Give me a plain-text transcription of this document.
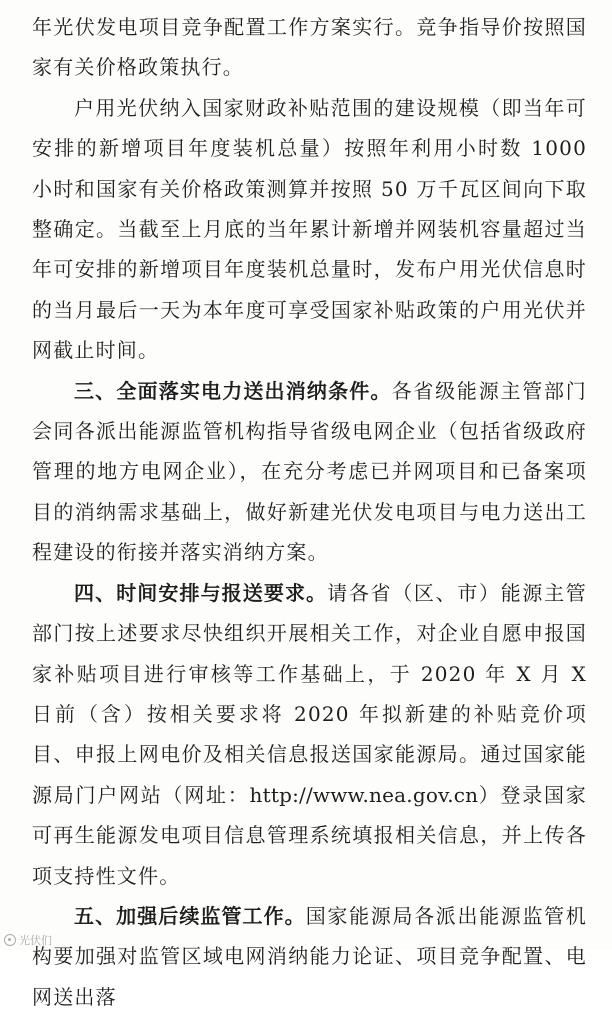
年光伏发电项目竞争配置工作方案实行。竞争指导价按照国家有关价格政策执行。

户用光伏纳入国家财政补贴范围的建设规模（即当年可安排的新增项目年度装机总量）按照年利用小时数 1000 小时和国家有关价格政策测算并按照 50 万千瓦区间向下取整确定。当截至上月底的当年累计新增并网装机容量超过当年可安排的新增项目年度装机总量时，发布户用光伏信息时的当月最后一天为本年度可享受国家补贴政策的户用光伏并网截止时间。

三、全面落实电力送出消纳条件。各省级能源主管部门会同各派出能源监管机构指导省级电网企业（包括省级政府管理的地方电网企业），在充分考虑已并网项目和已备案项目的消纳需求基础上，做好新建光伏发电项目与电力送出工程建设的衔接并落实消纳方案。

四、时间安排与报送要求。请各省（区、市）能源主管部门按上述要求尽快组织开展相关工作，对企业自愿申报国家补贴项目进行审核等工作基础上，于 2020 年 X 月 X 日前（含）按相关要求将 2020 年拟新建的补贴竞价项目、申报上网电价及相关信息报送国家能源局。通过国家能源局门户网站（网址：http://www.nea.gov.cn）登录国家可再生能源发电项目信息管理系统填报相关信息，并上传各项支持性文件。

五、加强后续监管工作。国家能源局各派出能源监管机构要加强对监管区域电网消纳能力论证、项目竞争配置、电网送出落

光伏们
